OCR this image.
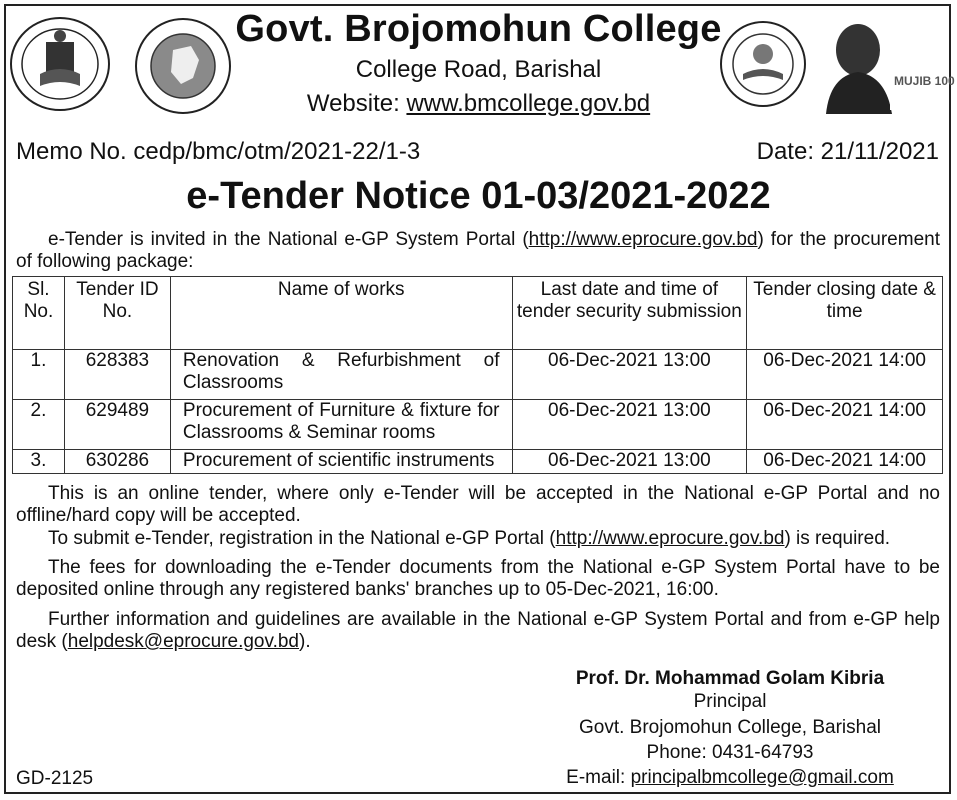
MUJIB 100
Govt. Brojomohun College
College Road, Barishal
Website: www.bmcollege.gov.bd
Memo No. cedp/bmc/otm/2021-22/1-3	Date: 21/11/2021
e-Tender Notice 01-03/2021-2022
e-Tender is invited in the National e-GP System Portal (http://www.eprocure.gov.bd) for the procurement of following package:
Sl. No.	Tender ID No.	Name of works	Last date and time of tender security submission	Tender closing date & time
1.	628383	Renovation & Refurbishment of Classrooms	06-Dec-2021 13:00	06-Dec-2021 14:00
2.	629489	Procurement of Furniture & fixture for Classrooms & Seminar rooms	06-Dec-2021 13:00	06-Dec-2021 14:00
3.	630286	Procurement of scientific instruments	06-Dec-2021 13:00	06-Dec-2021 14:00
This is an online tender, where only e-Tender will be accepted in the National e-GP Portal and no offline/hard copy will be accepted.
To submit e-Tender, registration in the National e-GP Portal (http://www.eprocure.gov.bd) is required.
The fees for downloading the e-Tender documents from the National e-GP System Portal have to be deposited online through any registered banks' branches up to 05-Dec-2021, 16:00.
Further information and guidelines are available in the National e-GP System Portal and from e-GP help desk (helpdesk@eprocure.gov.bd).
Prof. Dr. Mohammad Golam Kibria
Principal
Govt. Brojomohun College, Barishal
Phone: 0431-64793
E-mail: principalbmcollege@gmail.com
GD-2125
